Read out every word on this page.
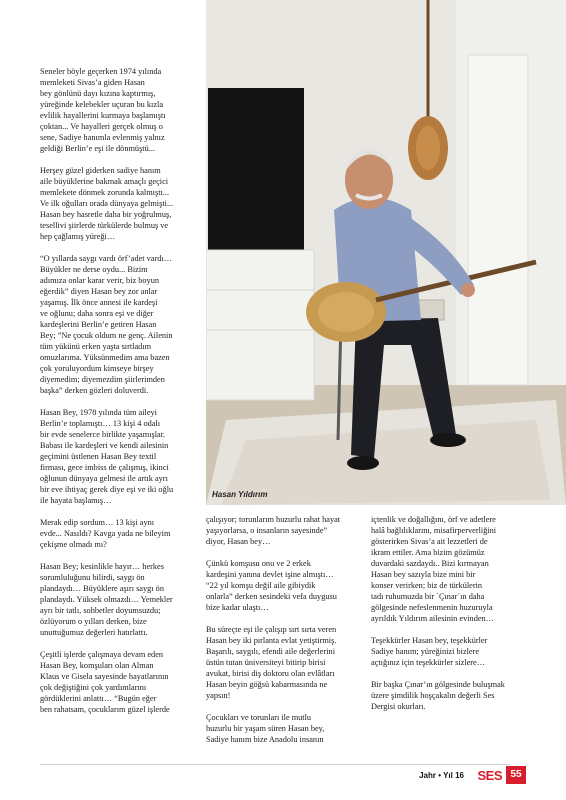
Seneler böyle geçerken 1974 yılında
memleketi Sivas’a giden Hasan
bey gönlünü dayı kızına kaptırmış,
yüreğinde kelebekler uçuran bu kızla
evlilik hayallerini kurmaya başlamıştı
çoktan... Ve hayalleri gerçek olmuş o
sene, Sadiye hanımla evlenmiş yalnız
geldiği Berlin’e eşi ile dönmüştü...

Herşey güzel giderken sadiye hanım
aile büyüklerine bakmak amaçlı geçici
memlekete dönmek zorunda kalmıştı...
Ve ilk oğulları orada dünyaya gelmişti...
Hasan bey hasretle daha bir yoğrulmuş,
tesellivi şiirlerde türkülerde bulmuş ve
hep çağlamış yüreği…

“O yıllarda saygı vardı örf’adet vardı…
Büyükler ne derse oydu... Bizim
adımıza onlar karar verir, biz boyun
eğerdik” diyen Hasan bey zor anlar
yaşamış. İlk önce annesi ile kardeşi
ve oğlunu; daha sonra eşi ve diğer
kardeşlerini Berlin’e getiren Hasan
Bey; ”Ne çocuk oldum ne genç. Ailenin
tüm yükünü erken yaşta sırtladım
omuzlarıma. Yüksünmedim ama bazen
çok yoruluyordum kimseye birşey
diyemedim; diyemezdim şiirlerimden
başka” derken gözleri doluverdi.

Hasan Bey, 1978 yılında tüm aileyi
Berlin’e toplamıştı… 13 kişi 4 odalı
bir evde senelerce birlikte yaşamışlar.
Babası ile kardeşleri ve kendi ailesinin
geçimini üstlenen Hasan Bey textil
firması, gece imbiss de çalışmış, ikinci
oğlunun dünyaya gelmesi ile artık ayrı
bir eve ihtiyaç gerek diye eşi ve iki oğlu
ile hayata başlamış…

Merak edip sordum… 13 kişi aynı
evde... Nasıldı? Kavga yada ne bileyim
çekişme olmadı mı?

Hasan Bey; kesinlikle hayır… herkes
sorumluluğunu bilirdi, saygı ön
plandaydı… Büyüklere aşırı saygı ön
plandaydı. Yüksek olmazdı… Yemekler
ayrı bir tatlı, sohbetler doyumsuzdu;
özlüyorum o yılları derken, bize
unuttuğumuz değerleri hatırlattı.

Çeşitli işlerde çalışmaya devam eden
Hasan Bey, komşuları olan Alman
Klaus ve Gisela sayesinde hayatlarının
çok değiştiğini çok yardımlarını
gördüklerini anlattı… “Bugün eğer
ben rahatsam, çocuklarım güzel işlerde

Hasan Yıldırım

çalışıyor; torunlarım huzurlu rahat hayat
yaşıyorlarsa, o insanların sayesinde”
diyor, Hasan bey…

Çünkü komşusu onu ve 2 erkek
kardeşini yanına devlet işine almıştı…
“22 yıl komşu değil aile gibiydik
onlarla” derken sesindeki vefa duygusu
bize kadar ulaştı…

Bu süreçte eşi ile çalışıp sırt sırta veren
Hasan bey iki pırlanta evlat yetiştirmiş.
Başarılı, saygılı, efendi aile değerlerini
üstün tutan üniversiteyi bitirip birisi
avukat, birisi diş doktoru olan evlâtları
Hasan beyin göğsü kabarmasında ne
yapsın!

Çocukları ve torunları ile mutlu
huzurlu bir yaşam süren Hasan bey,
Sadiye hanım bize Anadolu insanın

içtenlik ve doğallığını, örf ve adetlere
halâ bağlılıklarını, misafirperverliğini
gösterirken Sivas’a ait lezzetleri de
ikram ettiler. Ama bizim gözümüz
duvardaki sazdaydı.. Bizi kırmayan
Hasan bey sazıyla bize mini bir
konser verirken; biz de türkülerin
tadı ruhumuzda bir `Çınar´ın daha
gölgesinde nefeslenmenin huzuruyla
ayrıldık Yıldırım ailesinin evinden…

Teşekkürler Hasan bey, teşekkürler
Sadiye hanım; yüreğinizi bizlere
açtığınız için teşekkürler sizlere…

Bir başka Çınar’ın gölgesinde buluşmak
üzere şimdilik hoşçakalın değerli Ses
Dergisi okurları.

Jahr • Yıl 16 SES 55
